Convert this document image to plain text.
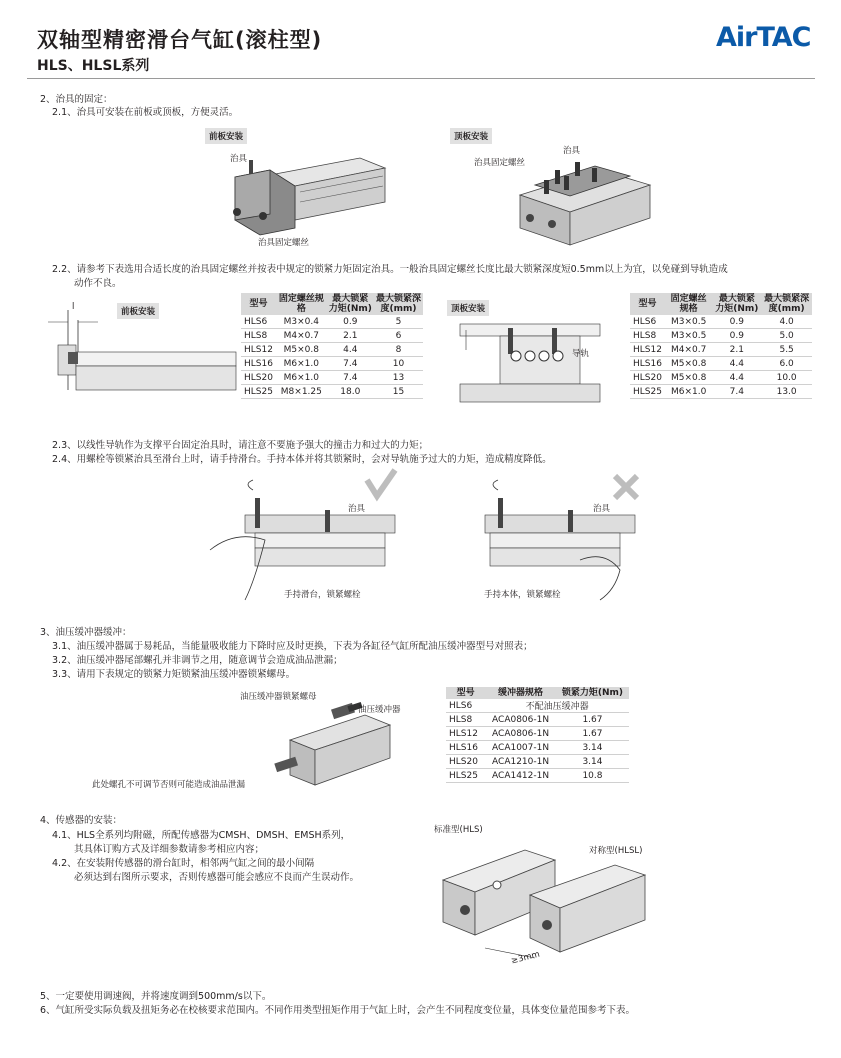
双轴型精密滑台气缸(滚柱型)
HLS、HLSL系列
AirTAC
2、治具的固定：
2.1、治具可安装在前板或顶板，方便灵活。
前板安装	顶板安装
治具
治具固定螺丝
治具
治具固定螺丝
2.2、请参考下表选用合适长度的治具固定螺丝并按表中规定的锁紧力矩固定治具。一般治具固定螺丝长度比最大锁紧深度短0.5mm以上为宜，以免碰到导轨造成
动作不良。
前板安装
l	型号	固定螺丝规格	最大锁紧力矩(Nm)	最大锁紧深度(mm)
HLS6	M3×0.4	0.9	5
HLS8	M4×0.7	2.1	6
HLS12	M5×0.8	4.4	8
HLS16	M6×1.0	7.4	10
HLS20	M6×1.0	7.4	13
HLS25	M8×1.25	18.0	15
顶板安装
导轨
型号	固定螺丝规格	最大锁紧力矩(Nm)	最大锁紧深度(mm)
HLS6	M3×0.5	0.9	4.0
HLS8	M3×0.5	0.9	5.0
HLS12	M4×0.7	2.1	5.5
HLS16	M5×0.8	4.4	6.0
HLS20	M5×0.8	4.4	10.0
HLS25	M6×1.0	7.4	13.0
2.3、以线性导轨作为支撑平台固定治具时，请注意不要施予强大的撞击力和过大的力矩；
2.4、用螺栓等锁紧治具至滑台上时，请手持滑台。手持本体并将其锁紧时，会对导轨施予过大的力矩，造成精度降低。
治具
手持滑台，锁紧螺栓
治具
手持本体，锁紧螺栓
3、油压缓冲器缓冲：
3.1、油压缓冲器属于易耗品，当能量吸收能力下降时应及时更换，下表为各缸径气缸所配油压缓冲器型号对照表；
3.2、油压缓冲器尾部螺孔并非调节之用，随意调节会造成油品泄漏；
3.3、请用下表规定的锁紧力矩锁紧油压缓冲器锁紧螺母。
油压缓冲器锁紧螺母
油压缓冲器
此处螺孔不可调节否则可能造成油品泄漏
型号	缓冲器规格	锁紧力矩(Nm)
HLS6	不配油压缓冲器	
HLS8	ACA0806-1N	1.67
HLS12	ACA0806-1N	1.67
HLS16	ACA1007-1N	3.14
HLS20	ACA1210-1N	3.14
HLS25	ACA1412-1N	10.8
4、传感器的安装：
4.1、HLS全系列均附磁，所配传感器为CMSH、DMSH、EMSH系列，
其具体订购方式及详细参数请参考相应内容；
4.2、在安装附传感器的滑台缸时，相邻两气缸之间的最小间隔
必须达到右图所示要求，否则传感器可能会感应不良而产生误动作。
标准型(HLS)
对称型(HLSL)
≥3mm
5、一定要使用调速阀，并将速度调到500mm/s以下。
6、气缸所受实际负载及扭矩务必在校核要求范围内。不同作用类型扭矩作用于气缸上时，会产生不同程度变位量，具体变位量范围参考下表。
